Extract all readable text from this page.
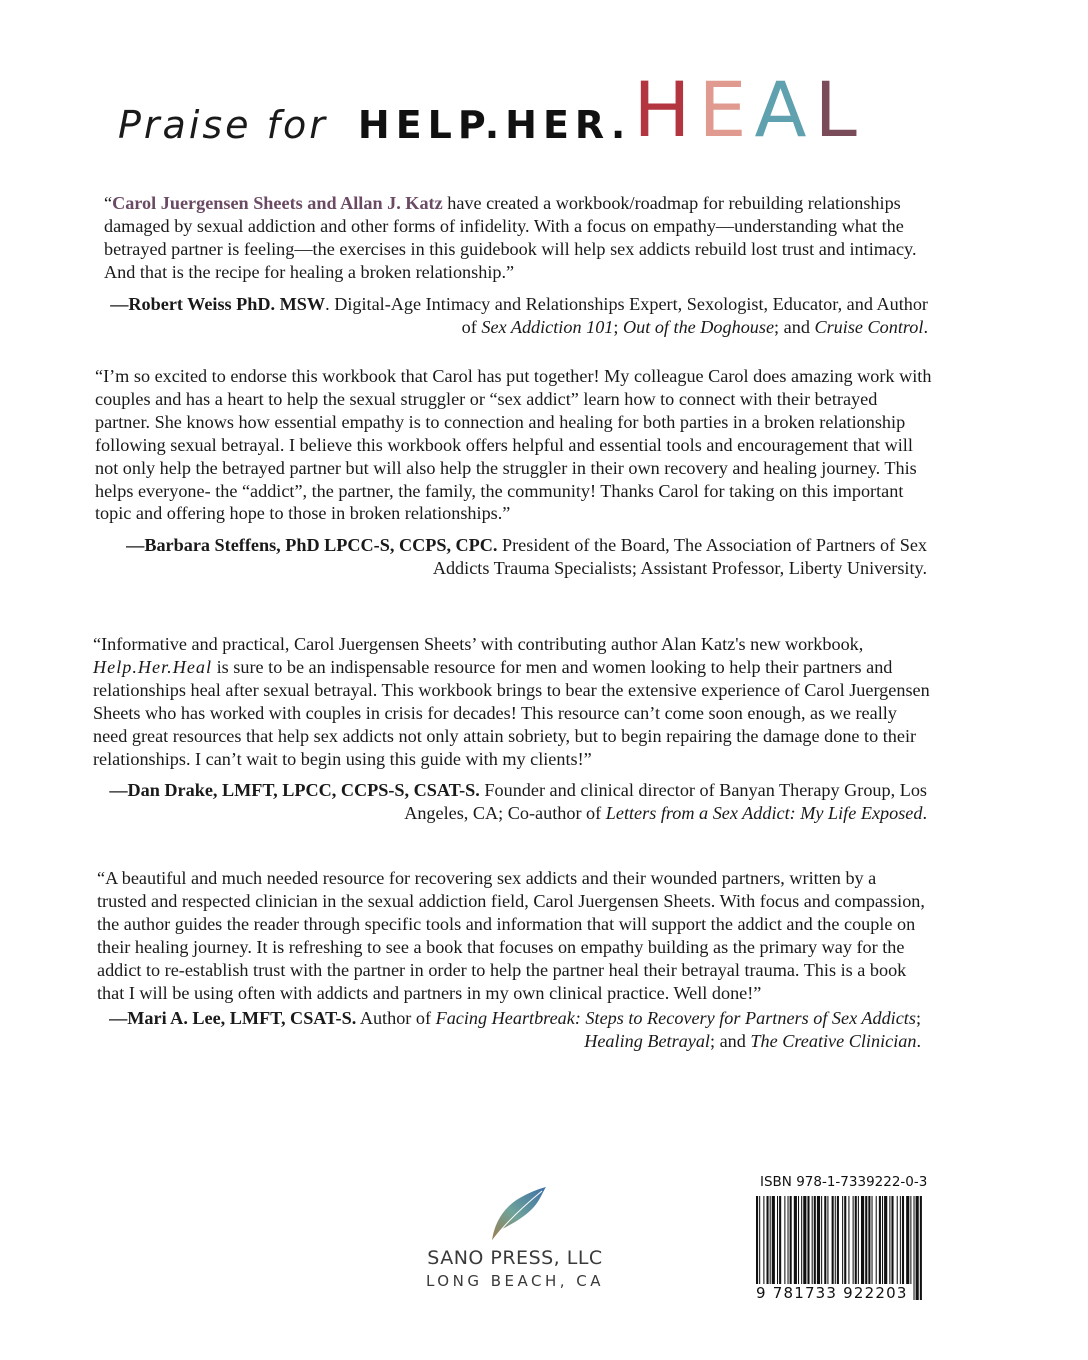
Praise for HELP.HER. HEAL

“Carol Juergensen Sheets and Allan J. Katz have created a workbook/roadmap for rebuilding relationships damaged by sexual addiction and other forms of infidelity. With a focus on empathy—understanding what the betrayed partner is feeling—the exercises in this guidebook will help sex addicts rebuild lost trust and intimacy. And that is the recipe for healing a broken relationship.”

—Robert Weiss PhD. MSW. Digital-Age Intimacy and Relationships Expert, Sexologist, Educator, and Author of Sex Addiction 101; Out of the Doghouse; and Cruise Control.

“I’m so excited to endorse this workbook that Carol has put together! My colleague Carol does amazing work with couples and has a heart to help the sexual struggler or “sex addict” learn how to connect with their betrayed partner. She knows how essential empathy is to connection and healing for both parties in a broken relationship following sexual betrayal. I believe this workbook offers helpful and essential tools and encouragement that will not only help the betrayed partner but will also help the struggler in their own recovery and healing journey. This helps everyone- the “addict”, the partner, the family, the community! Thanks Carol for taking on this important topic and offering hope to those in broken relationships.”

—Barbara Steffens, PhD LPCC-S, CCPS, CPC. President of the Board, The Association of Partners of Sex Addicts Trauma Specialists; Assistant Professor, Liberty University.

“Informative and practical, Carol Juergensen Sheets’ with contributing author Alan Katz's new workbook, Help.Her.Heal is sure to be an indispensable resource for men and women looking to help their partners and relationships heal after sexual betrayal. This workbook brings to bear the extensive experience of Carol Juergensen Sheets who has worked with couples in crisis for decades! This resource can’t come soon enough, as we really need great resources that help sex addicts not only attain sobriety, but to begin repairing the damage done to their relationships. I can’t wait to begin using this guide with my clients!”

—Dan Drake, LMFT, LPCC, CCPS-S, CSAT-S. Founder and clinical director of Banyan Therapy Group, Los Angeles, CA; Co-author of Letters from a Sex Addict: My Life Exposed.

“A beautiful and much needed resource for recovering sex addicts and their wounded partners, written by a trusted and respected clinician in the sexual addiction field, Carol Juergensen Sheets. With focus and compassion, the author guides the reader through specific tools and information that will support the addict and the couple on their healing journey. It is refreshing to see a book that focuses on empathy building as the primary way for the addict to re-establish trust with the partner in order to help the partner heal their betrayal trauma. This is a book that I will be using often with addicts and partners in my own clinical practice. Well done!”

—Mari A. Lee, LMFT, CSAT-S. Author of Facing Heartbreak: Steps to Recovery for Partners of Sex Addicts; Healing Betrayal; and The Creative Clinician.

SANO PRESS, LLC
LONG BEACH, CA
ISBN 978-1-7339222-0-3
9 781733 922203
